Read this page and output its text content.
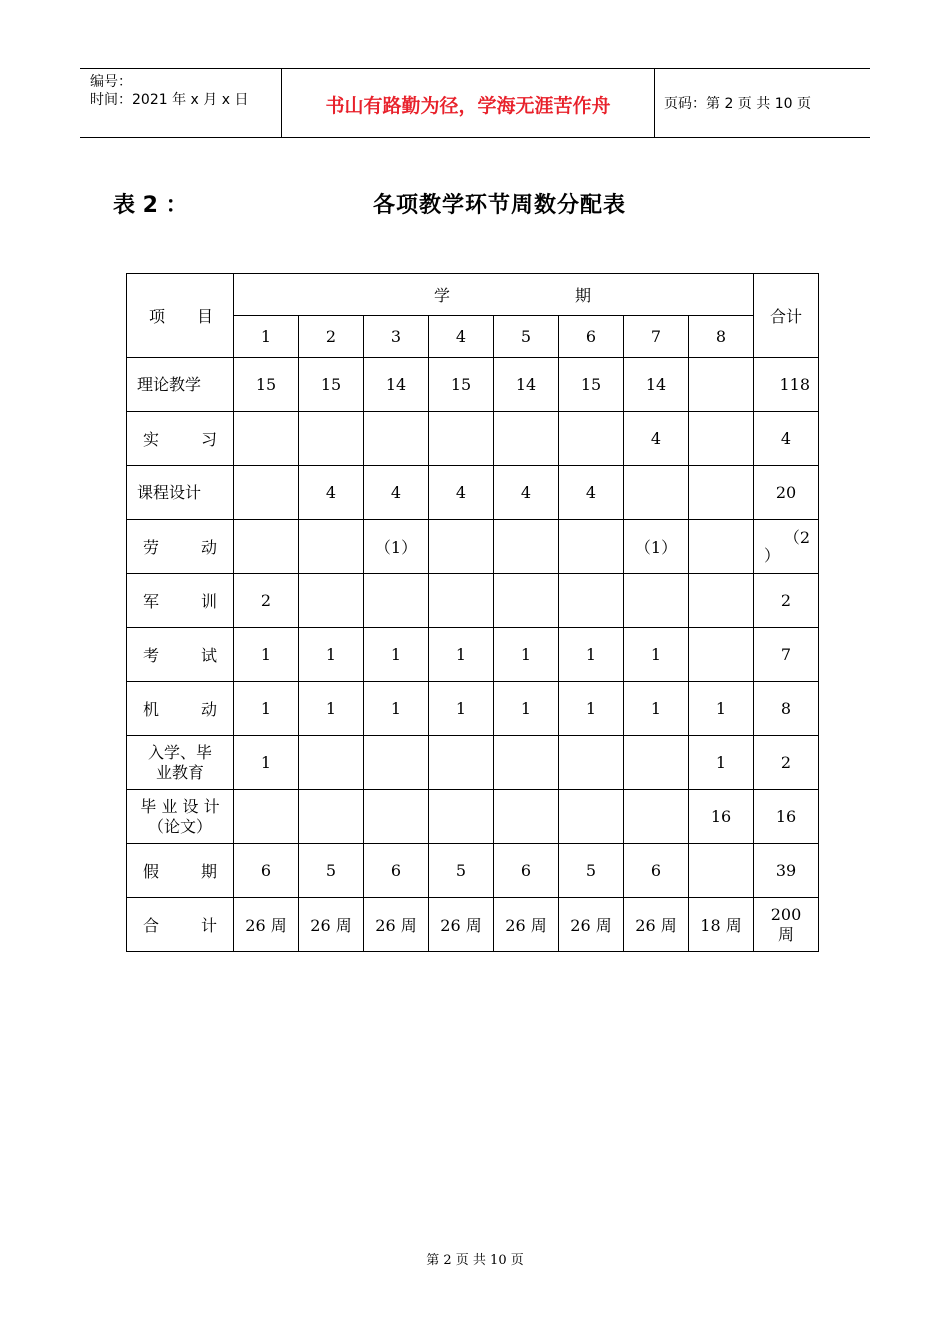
编号：
时间：2021 年 x 月 x 日	书山有路勤为径，学海无涯苦作舟	页码：第 2 页 共 10 页
表 2 ：	各项教学环节周数分配表
项 目	学 期								合计
	1	2	3	4	5	6	7	8	

理论教学	15	15	14	15	14	15	14		118

实 习							4		4

课程设计		4	4	4	4	4			20

劳 动			（1）				（1）		（2
）

军 训	2								2

考 试	1	1	1	1	1	1	1		7

机 动	1	1	1	1	1	1	1	1	8

入学、毕
业教育	1							1	2

毕 业 设 计
（论文）								16	16

假 期	6	5	6	5	6	5	6		39

合 计	26 周	26 周	26 周	26 周	26 周	26 周	26 周	18 周	200
周
第 2 页 共 10 页
